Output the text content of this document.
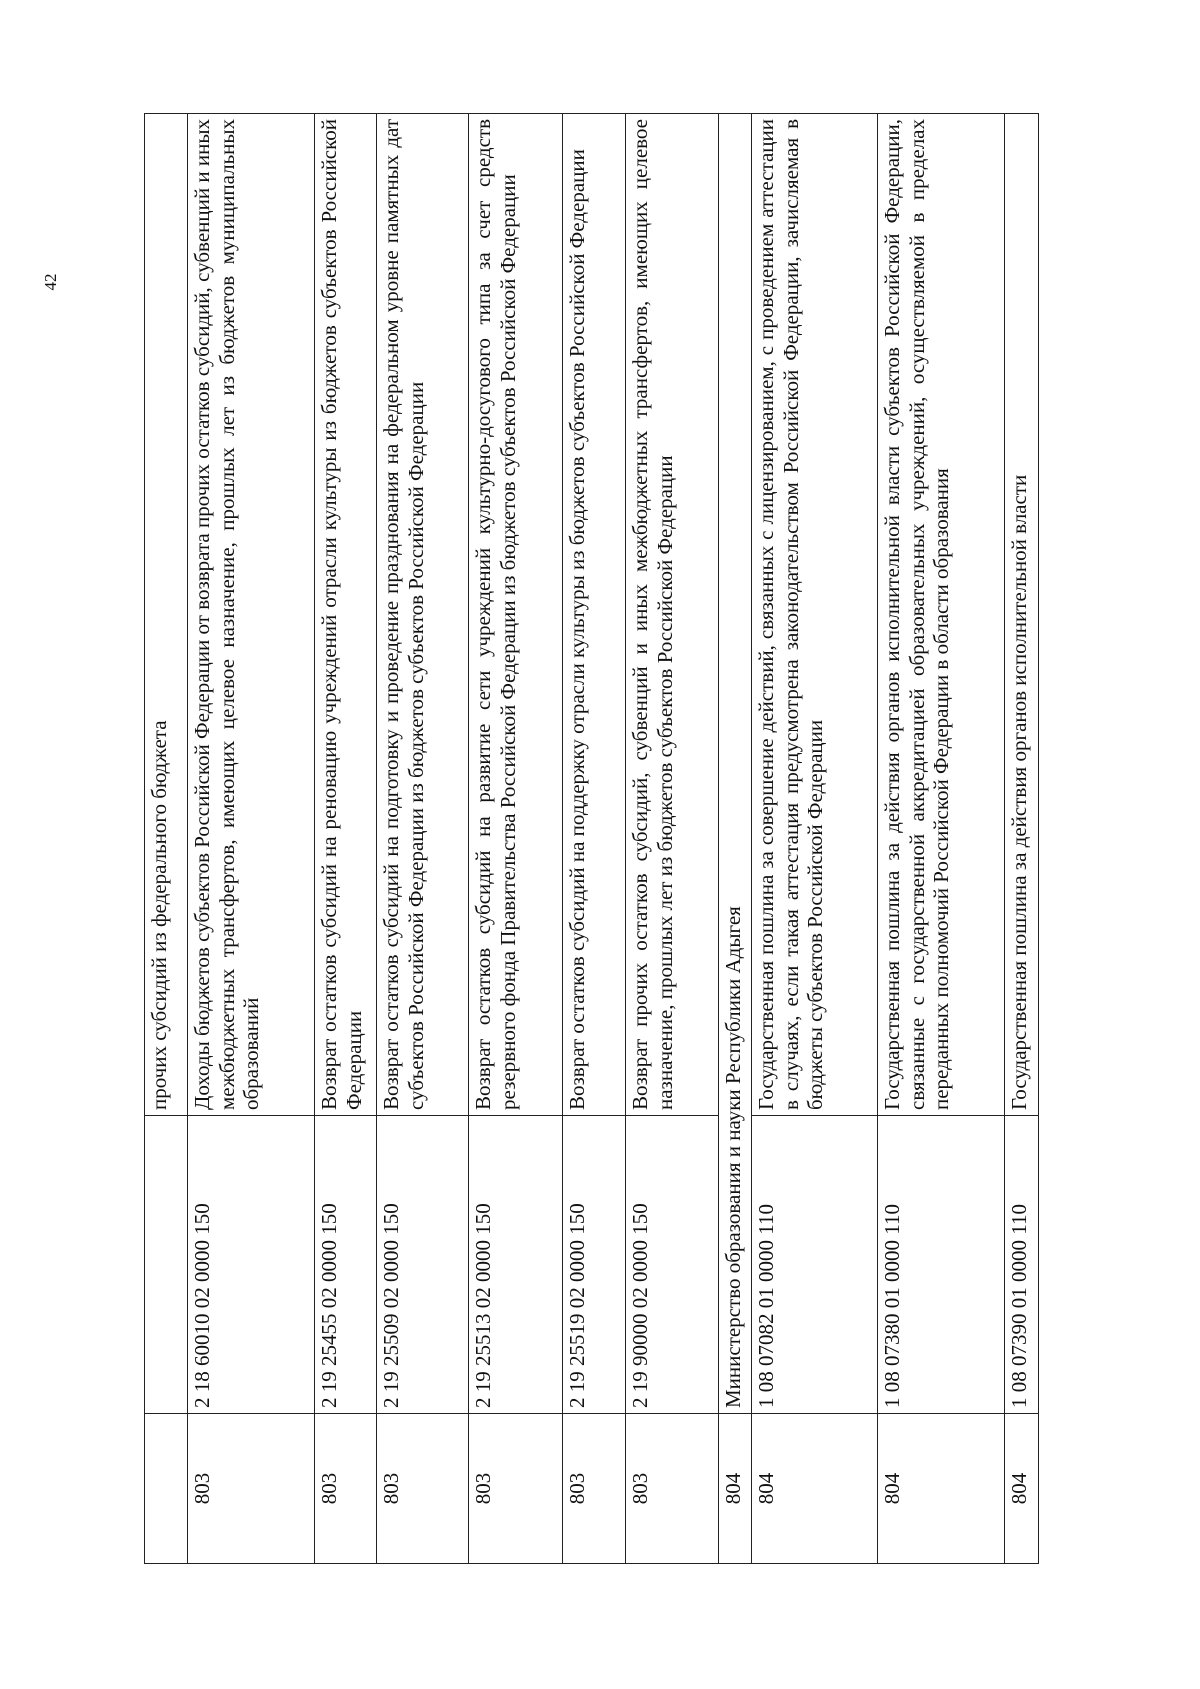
42
		прочих субсидий из федерального бюджета
803	2 18 60010 02 0000 150	Доходы бюджетов субъектов Российской Федерации от возврата прочих остатков субсидий, субвенций и иных межбюджетных трансфертов, имеющих целевое назначение, прошлых лет из бюджетов муниципальных образований
803	2 19 25455 02 0000 150	Возврат остатков субсидий на реновацию учреждений отрасли культуры из бюджетов субъектов Российской Федерации
803	2 19 25509 02 0000 150	Возврат остатков субсидий на подготовку и проведение празднования на федеральном уровне памятных дат субъектов Российской Федерации из бюджетов субъектов Российской Федерации
803	2 19 25513 02 0000 150	Возврат остатков субсидий на развитие сети учреждений культурно-досугового типа за счет средств резервного фонда Правительства Российской Федерации из бюджетов субъектов Российской Федерации
803	2 19 25519 02 0000 150	Возврат остатков субсидий на поддержку отрасли культуры из бюджетов субъектов Российской Федерации
803	2 19 90000 02 0000 150	Возврат прочих остатков субсидий, субвенций и иных межбюджетных трансфертов, имеющих целевое назначение, прошлых лет из бюджетов субъектов Российской Федерации
804	Министерство образования и науки Республики Адыгея	
804	1 08 07082 01 0000 110	Государственная пошлина за совершение действий, связанных с лицензированием, с проведением аттестации в случаях, если такая аттестация предусмотрена законодательством Российской Федерации, зачисляемая в бюджеты субъектов Российской Федерации
804	1 08 07380 01 0000 110	Государственная пошлина за действия органов исполнительной власти субъектов Российской Федерации, связанные с государственной аккредитацией образовательных учреждений, осуществляемой в пределах переданных полномочий Российской Федерации в области образования
804	1 08 07390 01 0000 110	Государственная пошлина за действия органов исполнительной власти
